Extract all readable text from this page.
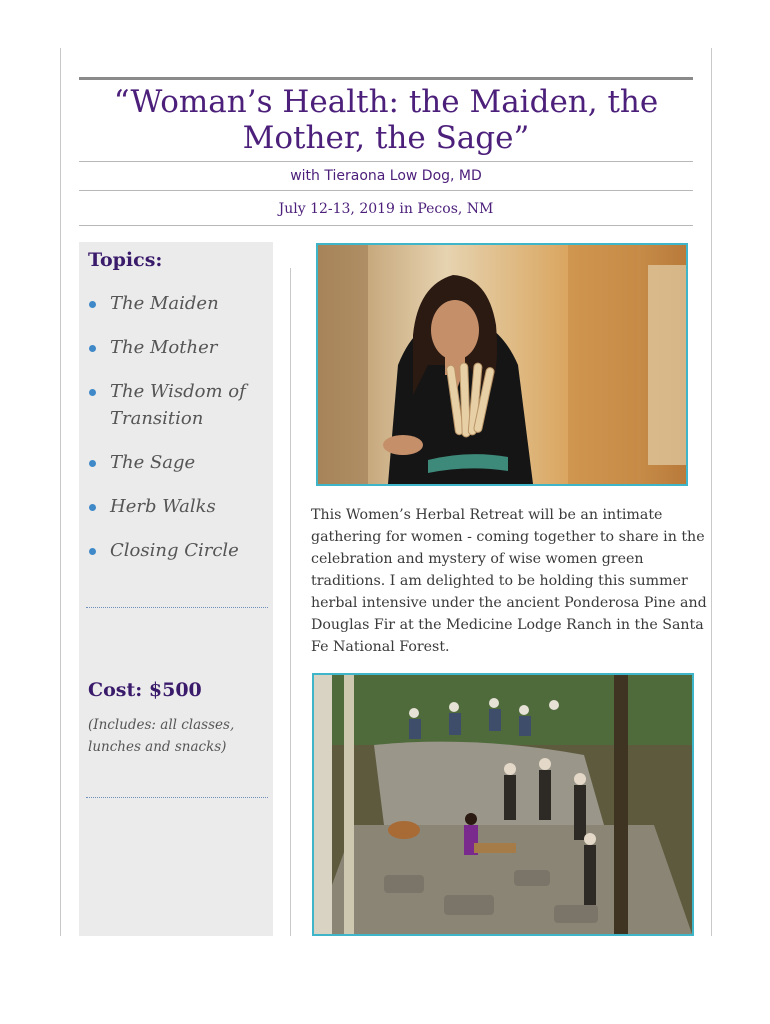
“Woman’s Health: the Maiden, the Mother, the Sage”
with Tieraona Low Dog, MD
July 12-13, 2019 in Pecos, NM
Topics:
The Maiden
The Mother
The Wisdom of Transition
The Sage
Herb Walks
Closing Circle
Cost: $500
(Includes: all classes, lunches and snacks)
This Women’s Herbal Retreat will be an intimate gathering for women - coming together to share in the celebration and mystery of wise women green traditions. I am delighted to be holding this summer herbal intensive under the ancient Ponderosa Pine and Douglas Fir at the Medicine Lodge Ranch in the Santa Fe National Forest.
